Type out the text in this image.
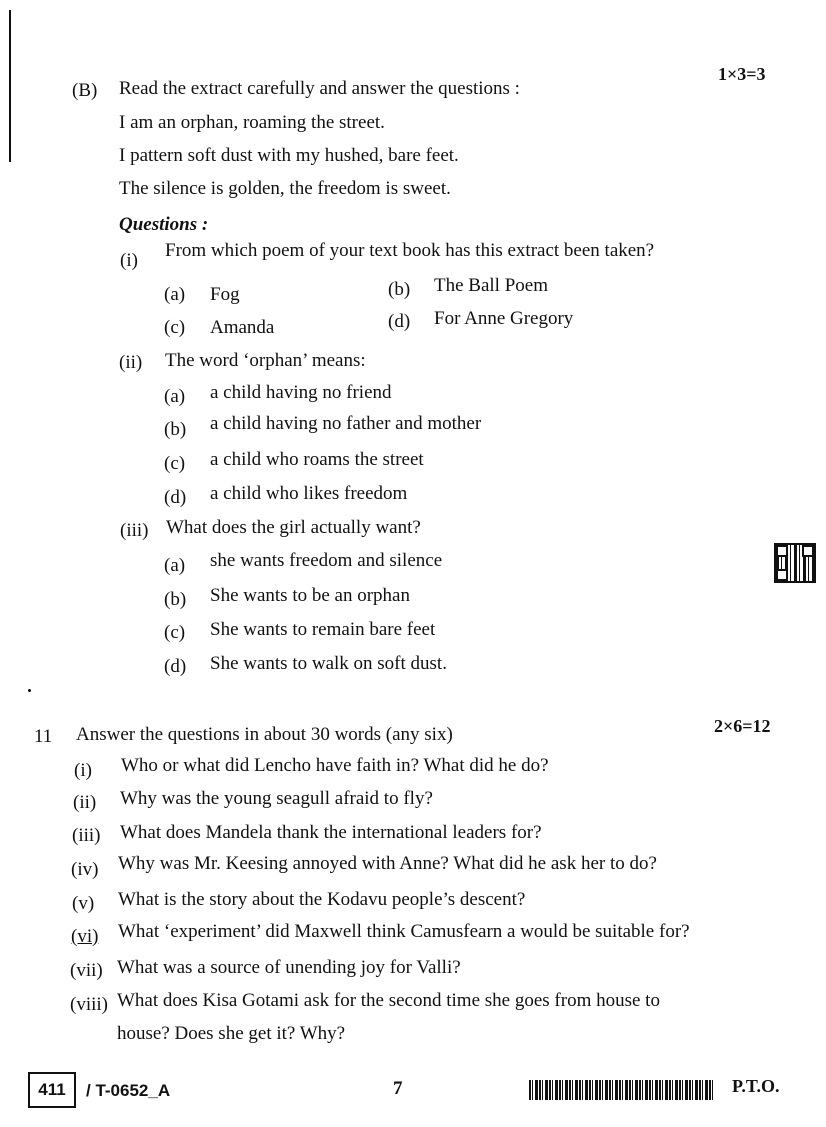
(B) Read the extract carefully and answer the questions :
1×3=3
I am an orphan, roaming the street.
I pattern soft dust with my hushed, bare feet.
The silence is golden, the freedom is sweet.
Questions :
(i) From which poem of your text book has this extract been taken?
(a) Fog	(b) The Ball Poem
(c) Amanda	(d) For Anne Gregory
(ii) The word ‘orphan’ means:
(a) a child having no friend
(b) a child having no father and mother
(c) a child who roams the street
(d) a child who likes freedom
(iii) What does the girl actually want?
(a) she wants freedom and silence
(b) She wants to be an orphan
(c) She wants to remain bare feet
(d) She wants to walk on soft dust.
11 Answer the questions in about 30 words (any six)	2×6=12
(i) Who or what did Lencho have faith in? What did he do?
(ii) Why was the young seagull afraid to fly?
(iii) What does Mandela thank the international leaders for?
(iv) Why was Mr. Keesing annoyed with Anne? What did he ask her to do?
(v) What is the story about the Kodavu people’s descent?
(vi) What ‘experiment’ did Maxwell think Camusfearn a would be suitable for?
(vii) What was a source of unending joy for Valli?
(viii) What does Kisa Gotami ask for the second time she goes from house to
house? Does she get it? Why?
411	/ T-0652_A	7	P.T.O.
